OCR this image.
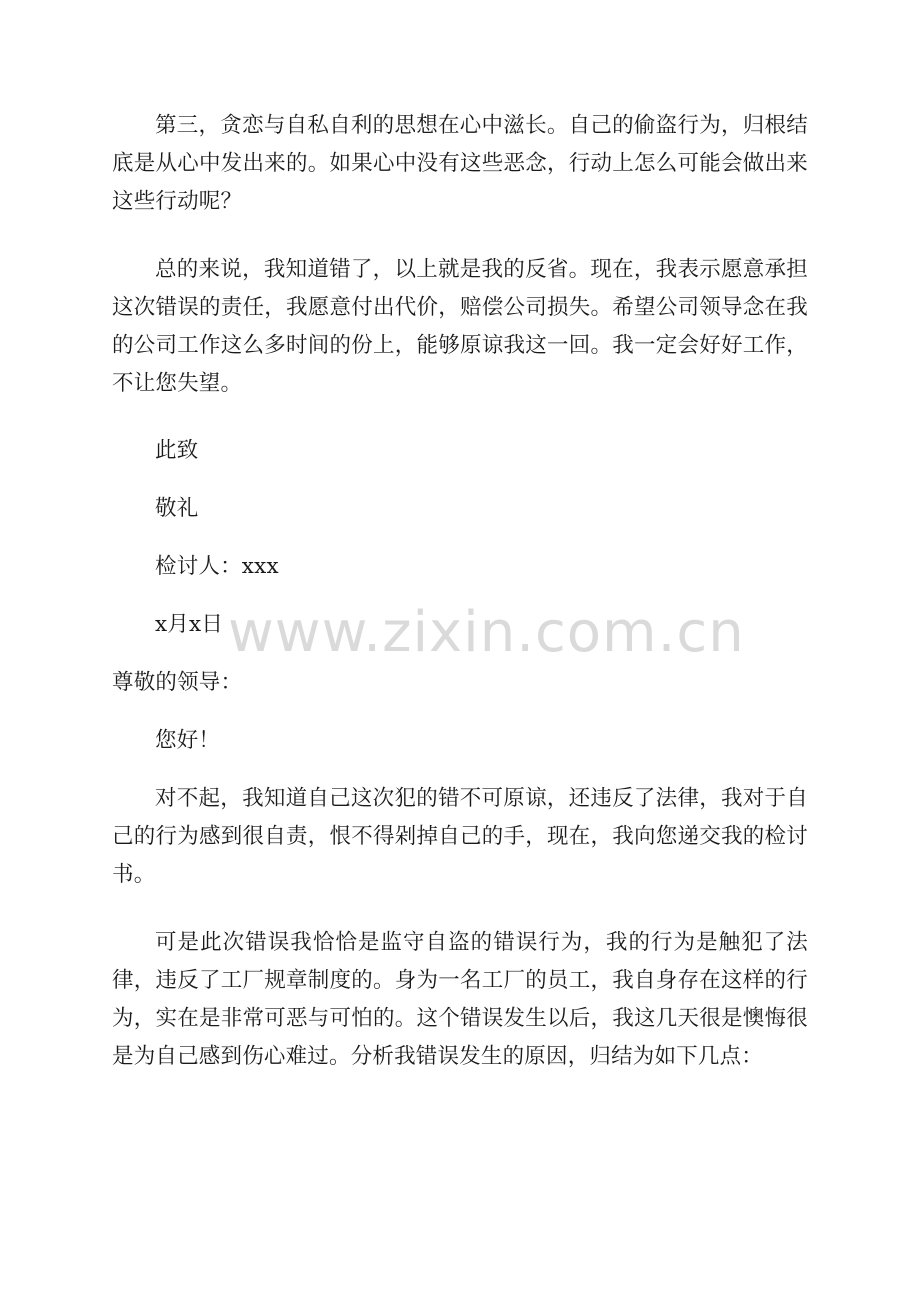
第三，贪恋与自私自利的思想在心中滋长。自己的偷盗行为，归根结底是从心中发出来的。如果心中没有这些恶念，行动上怎么可能会做出来这些行动呢？

总的来说，我知道错了，以上就是我的反省。现在，我表示愿意承担这次错误的责任，我愿意付出代价，赔偿公司损失。希望公司领导念在我的公司工作这么多时间的份上，能够原谅我这一回。我一定会好好工作，不让您失望。

此致

敬礼

检讨人：xxx

x月x日

尊敬的领导：

您好！

对不起，我知道自己这次犯的错不可原谅，还违反了法律，我对于自己的行为感到很自责，恨不得剁掉自己的手，现在，我向您递交我的检讨书。

可是此次错误我恰恰是监守自盗的错误行为，我的行为是触犯了法律，违反了工厂规章制度的。身为一名工厂的员工，我自身存在这样的行为，实在是非常可恶与可怕的。这个错误发生以后，我这几天很是懊悔很是为自己感到伤心难过。分析我错误发生的原因，归结为如下几点：

www.zixin.com.cn
